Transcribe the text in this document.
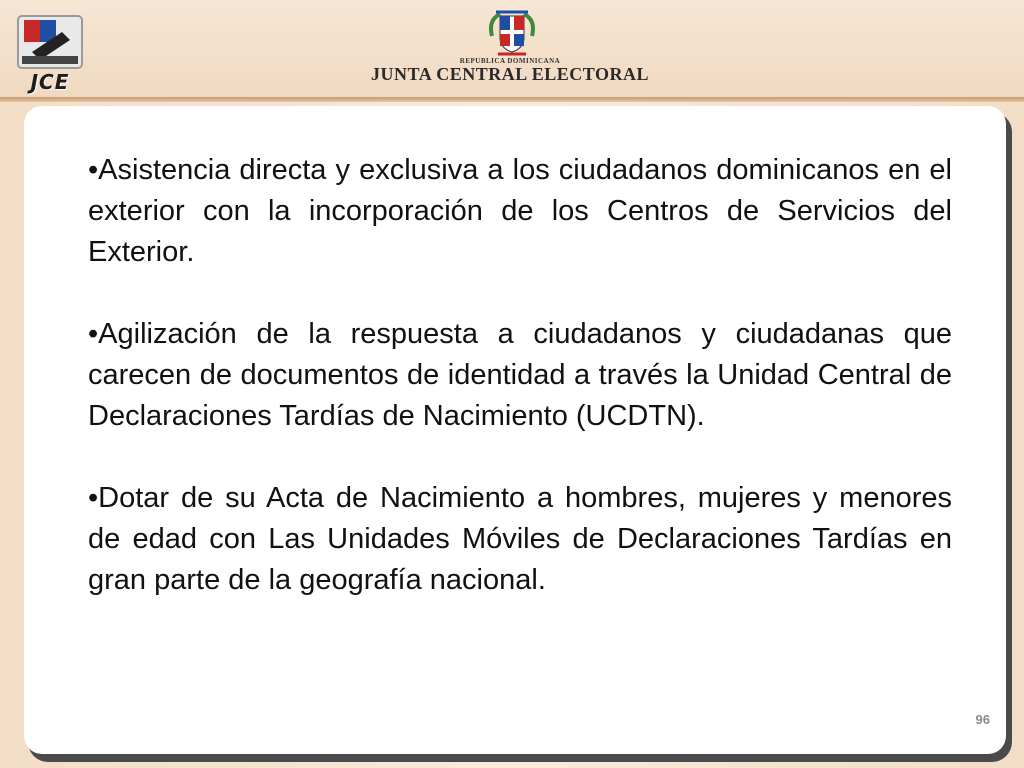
JCE
REPUBLICA DOMINICANA
JUNTA CENTRAL ELECTORAL

•Asistencia directa y exclusiva a los ciudadanos dominicanos en el exterior con la incorporación de los Centros de Servicios del Exterior.

•Agilización de la respuesta a ciudadanos y ciudadanas que carecen de documentos de identidad a través la Unidad Central de Declaraciones Tardías de Nacimiento (UCDTN).

•Dotar de su Acta de Nacimiento a hombres, mujeres y menores de edad con Las Unidades Móviles de Declaraciones Tardías en gran parte de la geografía nacional.

96
